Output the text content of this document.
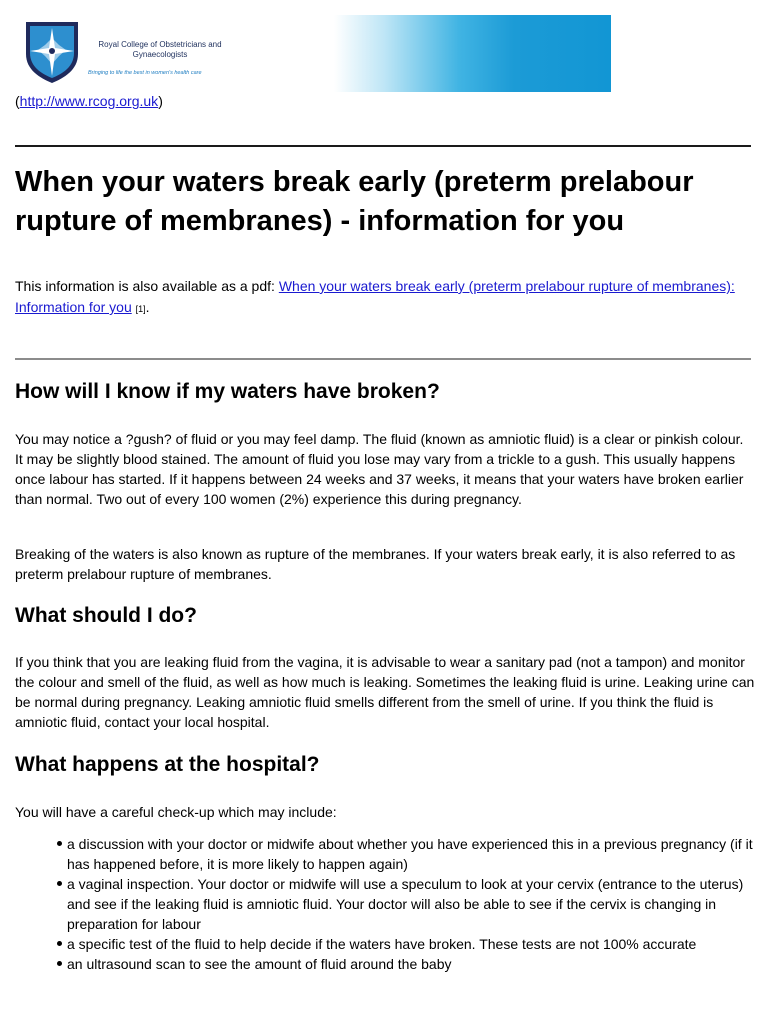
Royal College of Obstetricians and Gynaecologists
Bringing to life the best in women's health care
(http://www.rcog.org.uk)
When your waters break early (preterm prelabour rupture of membranes) - information for you
This information is also available as a pdf: When your waters break early (preterm prelabour rupture of membranes): Information for you [1].
How will I know if my waters have broken?

You may notice a ?gush? of fluid or you may feel damp. The fluid (known as amniotic fluid) is a clear or pinkish colour. It may be slightly blood stained. The amount of fluid you lose may vary from a trickle to a gush. This usually happens once labour has started. If it happens between 24 weeks and 37 weeks, it means that your waters have broken earlier than normal. Two out of every 100 women (2%) experience this during pregnancy.

Breaking of the waters is also known as rupture of the membranes. If your waters break early, it is also referred to as preterm prelabour rupture of membranes.

What should I do?

If you think that you are leaking fluid from the vagina, it is advisable to wear a sanitary pad (not a tampon) and monitor the colour and smell of the fluid, as well as how much is leaking. Sometimes the leaking fluid is urine. Leaking urine can be normal during pregnancy. Leaking amniotic fluid smells different from the smell of urine. If you think the fluid is amniotic fluid, contact your local hospital.

What happens at the hospital?

You will have a careful check-up which may include:

a discussion with your doctor or midwife about whether you have experienced this in a previous pregnancy (if it has happened before, it is more likely to happen again)
a vaginal inspection. Your doctor or midwife will use a speculum to look at your cervix (entrance to the uterus) and see if the leaking fluid is amniotic fluid. Your doctor will also be able to see if the cervix is changing in preparation for labour
a specific test of the fluid to help decide if the waters have broken. These tests are not 100% accurate
an ultrasound scan to see the amount of fluid around the baby
